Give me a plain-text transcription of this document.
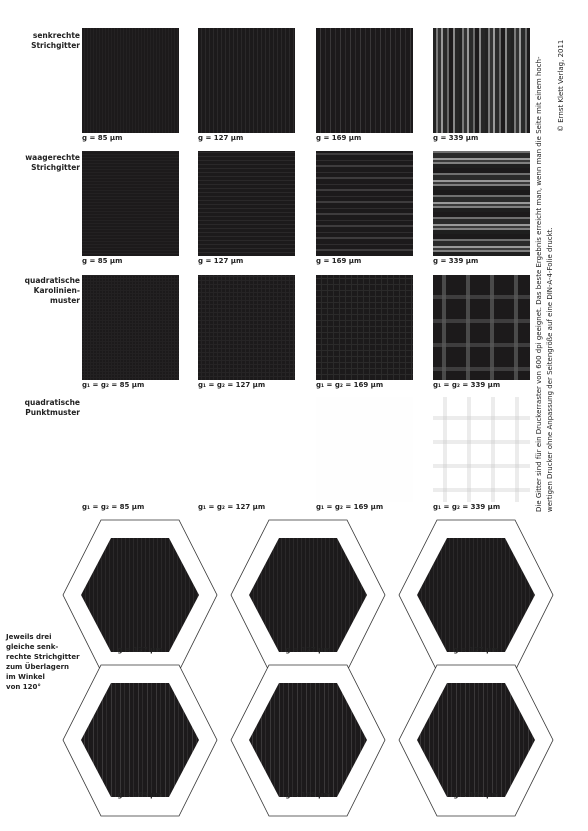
senkrechte
Strichgitter
g = 85 µm	g = 127 µm	g = 169 µm	g = 339 µm
waagerechte
Strichgitter
g = 85 µm	g = 127 µm	g = 169 µm	g = 339 µm
quadratische
Karolinien-
muster
g₁ = g₂ = 85 µm	g₁ = g₂ = 127 µm	g₁ = g₂ = 169 µm	g₁ = g₂ = 339 µm
quadratische
Punktmuster
g₁ = g₂ = 85 µm	g₁ = g₂ = 127 µm	g₁ = g₂ = 169 µm	g₁ = g₂ = 339 µm	Die Gitter sind für ein Druckerraster von 600 dpi geeignet. Das beste Ergebnis erreicht man, wenn man die Seite mit einem hoch- wertigen Drucker ohne Anpassung der Seitengröße auf eine DIN-A-4-Folie druckt.
© Ernst Klett Verlag, 2011
g = 127 µm	g = 127 µm	g = 127 µm
g = 169 µm	g = 169 µm	g = 169 µm
Jeweils drei
gleiche senk-
rechte Strichgitter
zum Überlagern
im Winkel
von 120°
